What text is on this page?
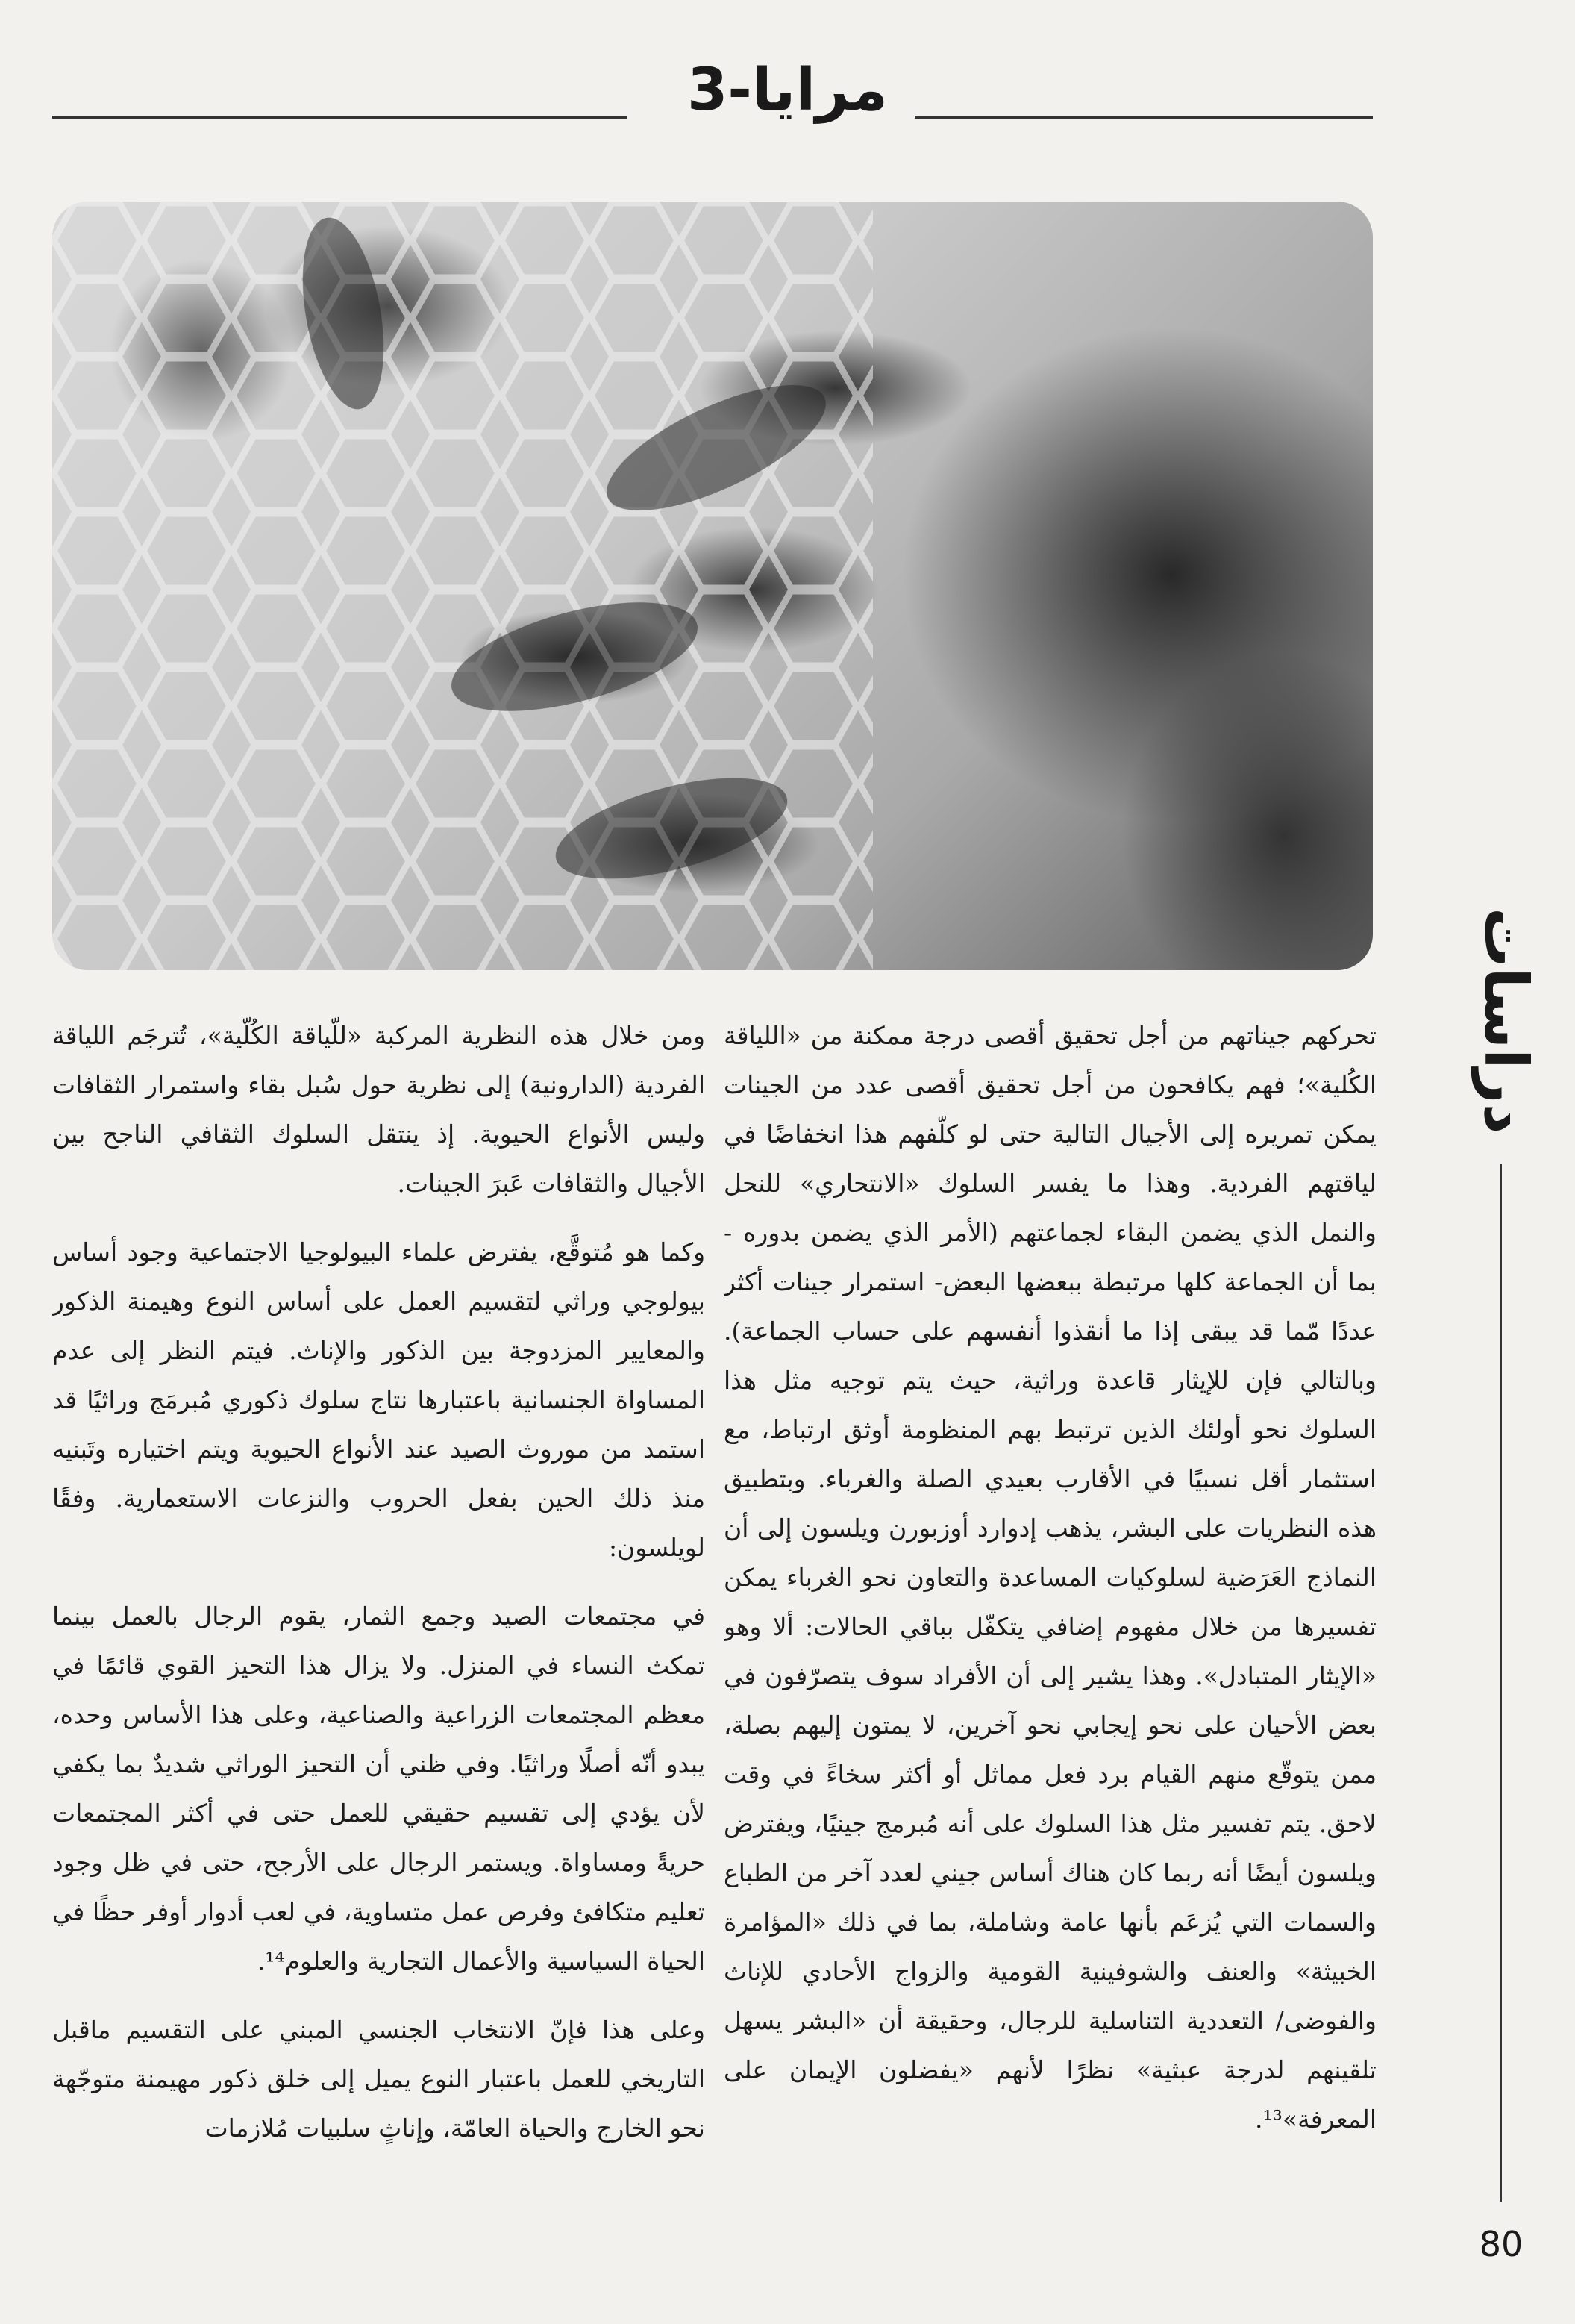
مرايا-3
دراسات
80

تحركهم جيناتهم من أجل تحقيق أقصى درجة ممكنة من «اللياقة الكُلية»؛ فهم يكافحون من أجل تحقيق أقصى عدد من الجينات يمكن تمريره إلى الأجيال التالية حتى لو كلّفهم هذا انخفاضًا في لياقتهم الفردية. وهذا ما يفسر السلوك «الانتحاري» للنحل والنمل الذي يضمن البقاء لجماعتهم (الأمر الذي يضمن بدوره - بما أن الجماعة كلها مرتبطة ببعضها البعض- استمرار جينات أكثر عددًا مّما قد يبقى إذا ما أنقذوا أنفسهم على حساب الجماعة). وبالتالي فإن للإيثار قاعدة وراثية، حيث يتم توجيه مثل هذا السلوك نحو أولئك الذين ترتبط بهم المنظومة أوثق ارتباط، مع استثمار أقل نسبيًا في الأقارب بعيدي الصلة والغرباء. وبتطبيق هذه النظريات على البشر، يذهب إدوارد أوزبورن ويلسون إلى أن النماذج العَرَضية لسلوكيات المساعدة والتعاون نحو الغرباء يمكن تفسيرها من خلال مفهوم إضافي يتكفّل بباقي الحالات: ألا وهو «الإيثار المتبادل». وهذا يشير إلى أن الأفراد سوف يتصرّفون في بعض الأحيان على نحو إيجابي نحو آخرين، لا يمتون إليهم بصلة، ممن يتوقّع منهم القيام برد فعل مماثل أو أكثر سخاءً في وقت لاحق. يتم تفسير مثل هذا السلوك على أنه مُبرمج جينيًا، ويفترض ويلسون أيضًا أنه ربما كان هناك أساس جيني لعدد آخر من الطباع والسمات التي يُزعَم بأنها عامة وشاملة، بما في ذلك «المؤامرة الخبيثة» والعنف والشوفينية القومية والزواج الأحادي للإناث والفوضى/ التعددية التناسلية للرجال، وحقيقة أن «البشر يسهل تلقينهم لدرجة عبثية» نظرًا لأنهم «يفضلون الإيمان على المعرفة»¹³.

ومن خلال هذه النظرية المركبة «للّياقة الكُلّية»، تُترجَم اللياقة الفردية (الدارونية) إلى نظرية حول سُبل بقاء واستمرار الثقافات وليس الأنواع الحيوية. إذ ينتقل السلوك الثقافي الناجح بين الأجيال والثقافات عَبرَ الجينات.

وكما هو مُتوقَّع، يفترض علماء البيولوجيا الاجتماعية وجود أساس بيولوجي وراثي لتقسيم العمل على أساس النوع وهيمنة الذكور والمعايير المزدوجة بين الذكور والإناث. فيتم النظر إلى عدم المساواة الجنسانية باعتبارها نتاج سلوك ذكوري مُبرمَج وراثيًا قد استمد من موروث الصيد عند الأنواع الحيوية ويتم اختياره وتَبنيه منذ ذلك الحين بفعل الحروب والنزعات الاستعمارية. وفقًا لويلسون:

في مجتمعات الصيد وجمع الثمار، يقوم الرجال بالعمل بينما تمكث النساء في المنزل. ولا يزال هذا التحيز القوي قائمًا في معظم المجتمعات الزراعية والصناعية، وعلى هذا الأساس وحده، يبدو أنّه أصلًا وراثيًا. وفي ظني أن التحيز الوراثي شديدٌ بما يكفي لأن يؤدي إلى تقسيم حقيقي للعمل حتى في أكثر المجتمعات حريةً ومساواة. ويستمر الرجال على الأرجح، حتى في ظل وجود تعليم متكافئ وفرص عمل متساوية، في لعب أدوار أوفر حظًا في الحياة السياسية والأعمال التجارية والعلوم¹⁴.

وعلى هذا فإنّ الانتخاب الجنسي المبني على التقسيم ماقبل التاريخي للعمل باعتبار النوع يميل إلى خلق ذكور مهيمنة متوجّهة نحو الخارج والحياة العامّة، وإناثٍ سلبيات مُلازمات
